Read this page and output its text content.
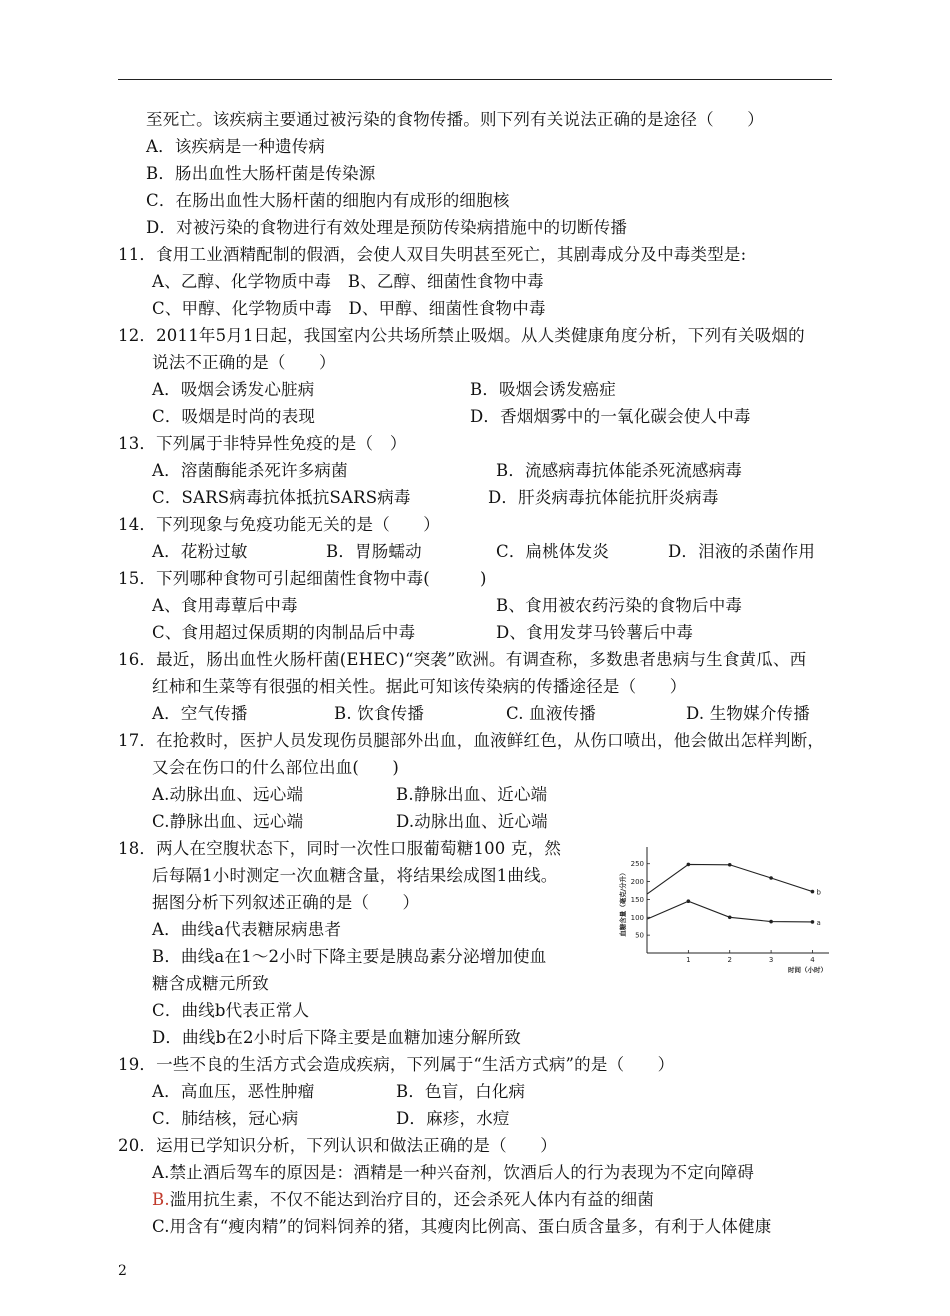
至死亡。该疾病主要通过被污染的食物传播。则下列有关说法正确的是途径（　　）
A．该疾病是一种遗传病
B．肠出血性大肠杆菌是传染源
C．在肠出血性大肠杆菌的细胞内有成形的细胞核
D．对被污染的食物进行有效处理是预防传染病措施中的切断传播
11．食用工业酒精配制的假酒，会使人双目失明甚至死亡，其剧毒成分及中毒类型是:
A、乙醇、化学物质中毒　B、乙醇、细菌性食物中毒
C、甲醇、化学物质中毒　D、甲醇、细菌性食物中毒
12．2011年5月1日起，我国室内公共场所禁止吸烟。从人类健康角度分析，下列有关吸烟的
说法不正确的是（　　）
A．吸烟会诱发心脏病	B．吸烟会诱发癌症
C．吸烟是时尚的表现	D．香烟烟雾中的一氧化碳会使人中毒
13．下列属于非特异性免疫的是（　）
A．溶菌酶能杀死许多病菌	B．流感病毒抗体能杀死流感病毒
C．SARS病毒抗体抵抗SARS病毒	D．肝炎病毒抗体能抗肝炎病毒
14．下列现象与免疫功能无关的是（　　）
A．花粉过敏	B．胃肠蠕动	C．扁桃体发炎	D．泪液的杀菌作用
15．下列哪种食物可引起细菌性食物中毒(　　　)
A、食用毒蕈后中毒	B、食用被农药污染的食物后中毒
C、食用超过保质期的肉制品后中毒	D、食用发芽马铃薯后中毒
16．最近，肠出血性火肠杆菌(EHEC)“突袭”欧洲。有调查称，多数患者患病与生食黄瓜、西
红柿和生菜等有很强的相关性。据此可知该传染病的传播途径是（　　）
A．空气传播	B. 饮食传播	C. 血液传播	D. 生物媒介传播
17．在抢救时，医护人员发现伤员腿部外出血，血液鲜红色，从伤口喷出，他会做出怎样判断，
又会在伤口的什么部位出血(　　)
A.动脉出血、远心端	B.静脉出血、近心端
C.静脉出血、远心端	D.动脉出血、近心端
18．两人在空腹状态下，同时一次性口服葡萄糖100 克，然
后每隔1小时测定一次血糖含量，将结果绘成图1曲线。
据图分析下列叙述正确的是（　　）
A．曲线a代表糖尿病患者
B．曲线a在1～2小时下降主要是胰岛素分泌增加使血
糖含成糖元所致
C．曲线b代表正常人
D．曲线b在2小时后下降主要是血糖加速分解所致
19．一些不良的生活方式会造成疾病，下列属于“生活方式病”的是（　　）
A．高血压，恶性肿瘤	B．色盲，白化病
C．肺结核，冠心病	D．麻疹，水痘
20．运用已学知识分析，下列认识和做法正确的是（　　）
A.禁止酒后驾车的原因是：酒精是一种兴奋剂，饮酒后人的行为表现为不定向障碍
B.滥用抗生素，不仅不能达到治疗目的，还会杀死人体内有益的细菌
C.用含有“瘦肉精”的饲料饲养的猪，其瘦肉比例高、蛋白质含量多，有利于人体健康
250
200
150
100
50
1	2	3	4
时间（小时）
血糖含量（毫克/分升）	b
a
2
